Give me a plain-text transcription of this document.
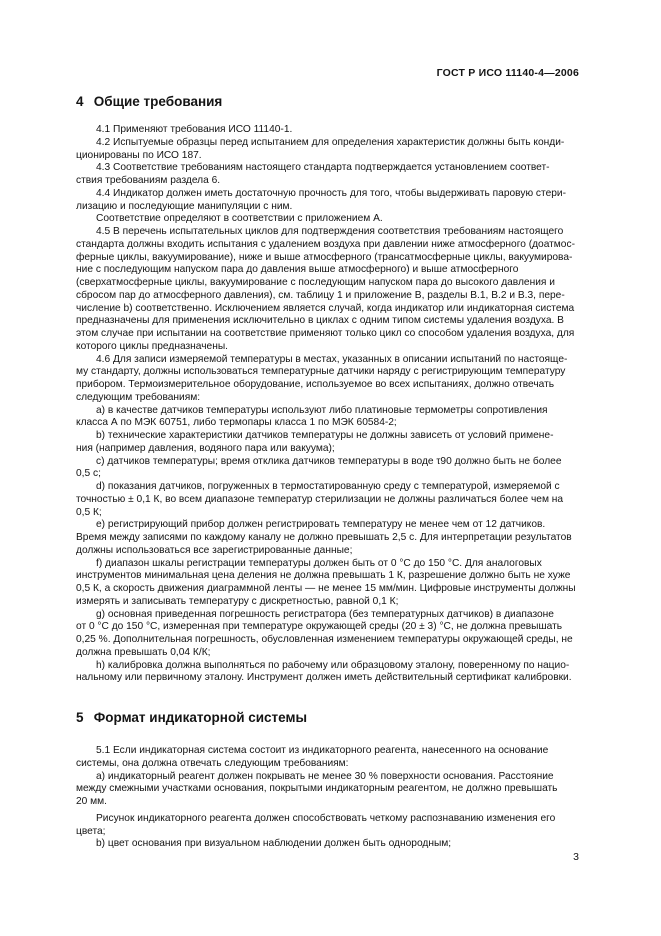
ГОСТ Р ИСО 11140-4—2006
4 Общие требования

4.1 Применяют требования ИСО 11140-1.

4.2 Испытуемые образцы перед испытанием для определения характеристик должны быть конди-

ционированы по ИСО 187.

4.3 Соответствие требованиям настоящего стандарта подтверждается установлением соответ-

ствия требованиям раздела 6.

4.4 Индикатор должен иметь достаточную прочность для того, чтобы выдерживать паровую стери-

лизацию и последующие манипуляции с ним.

Соответствие определяют в соответствии с приложением А.

4.5 В перечень испытательных циклов для подтверждения соответствия требованиям настоящего

стандарта должны входить испытания с удалением воздуха при давлении ниже атмосферного (доатмос-

ферные циклы, вакуумирование), ниже и выше атмосферного (трансатмосферные циклы, вакуумирова-

ние с последующим напуском пара до давления выше атмосферного) и выше атмосферного

(сверхатмосферные циклы, вакуумирование с последующим напуском пара до высокого давления и

сбросом пар до атмосферного давления), см. таблицу 1 и приложение В, разделы В.1, В.2 и В.3, пере-

числение b) соответственно. Исключением является случай, когда индикатор или индикаторная система

предназначены для применения исключительно в циклах с одним типом системы удаления воздуха. В

этом случае при испытании на соответствие применяют только цикл со способом удаления воздуха, для

которого циклы предназначены.

4.6 Для записи измеряемой температуры в местах, указанных в описании испытаний по настояще-

му стандарту, должны использоваться температурные датчики наряду с регистрирующим температуру

прибором. Термоизмерительное оборудование, используемое во всех испытаниях, должно отвечать

следующим требованиям:

а) в качестве датчиков температуры используют либо платиновые термометры сопротивления

класса А по МЭК 60751, либо термопары класса 1 по МЭК 60584-2;

b) технические характеристики датчиков температуры не должны зависеть от условий примене-

ния (например давления, водяного пара или вакуума);

c) датчиков температуры; время отклика датчиков температуры в воде τ90 должно быть не более

0,5 с;

d) показания датчиков, погруженных в термостатированную среду с температурой, измеряемой с

точностью ± 0,1 К, во всем диапазоне температур стерилизации не должны различаться более чем на

0,5 К;

e) регистрирующий прибор должен регистрировать температуру не менее чем от 12 датчиков.

Время между записями по каждому каналу не должно превышать 2,5 с. Для интерпретации результатов

должны использоваться все зарегистрированные данные;

f) диапазон шкалы регистрации температуры должен быть от 0 °С до 150 °С. Для аналоговых

инструментов минимальная цена деления не должна превышать 1 К, разрешение должно быть не хуже

0,5 К, а скорость движения диаграммной ленты — не менее 15 мм/мин. Цифровые инструменты должны

измерять и записывать температуру с дискретностью, равной 0,1 К;

g) основная приведенная погрешность регистратора (без температурных датчиков) в диапазоне

от 0 °С до 150 °С, измеренная при температуре окружающей среды (20 ± 3) °С, не должна превышать

0,25 %. Дополнительная погрешность, обусловленная изменением температуры окружающей среды, не

должна превышать 0,04 К/К;

h) калибровка должна выполняться по рабочему или образцовому эталону, поверенному по нацио-

нальному или первичному эталону. Инструмент должен иметь действительный сертификат калибровки.

5 Формат индикаторной системы

5.1 Если индикаторная система состоит из индикаторного реагента, нанесенного на основание

системы, она должна отвечать следующим требованиям:

а) индикаторный реагент должен покрывать не менее 30 % поверхности основания. Расстояние

между смежными участками основания, покрытыми индикаторным реагентом, не должно превышать

20 мм.

Рисунок индикаторного реагента должен способствовать четкому распознаванию изменения его

цвета;

b) цвет основания при визуальном наблюдении должен быть однородным;

3
